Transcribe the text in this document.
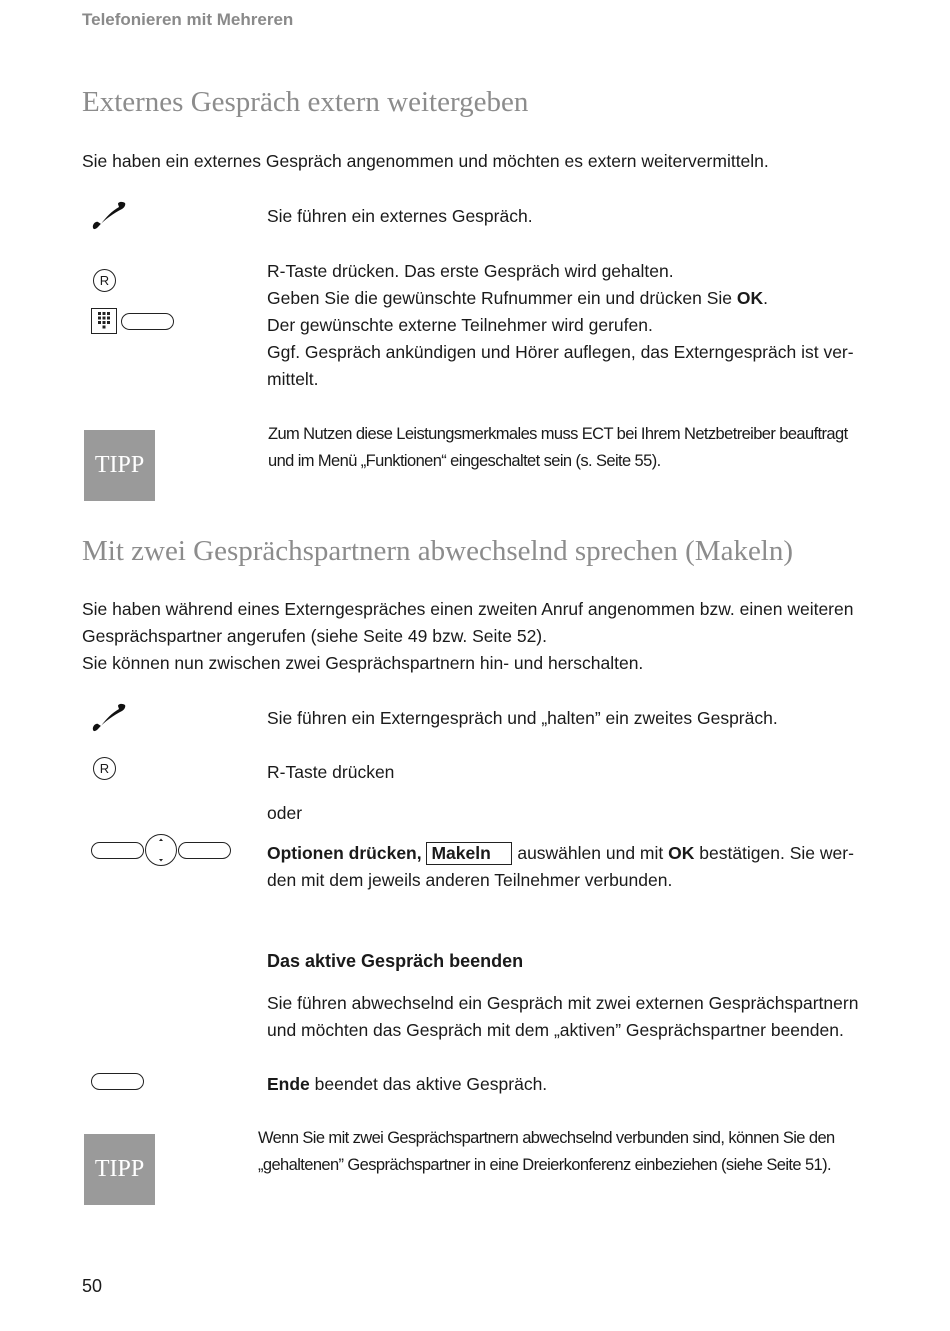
Telefonieren mit Mehreren
Externes Gespräch extern weitergeben
Sie haben ein externes Gespräch angenommen und möchten es extern weitervermitteln.
Sie führen ein externes Gespräch.
R	R-Taste drücken. Das erste Gespräch wird gehalten.
Geben Sie die gewünschte Rufnummer ein und drücken Sie OK.
Der gewünschte externe Teilnehmer wird gerufen.
Ggf. Gespräch ankündigen und Hörer auflegen, das Externgespräch ist ver-
mittelt.
TIPP
Zum Nutzen diese Leistungsmerkmales muss ECT bei Ihrem Netzbetreiber beauftragt
und im Menü „Funktionen“ eingeschaltet sein (s. Seite 55).
Mit zwei Gesprächspartnern abwechselnd sprechen (Makeln)
Sie haben während eines Externgespräches einen zweiten Anruf angenommen bzw. einen weiteren
Gesprächspartner angerufen (siehe Seite 49 bzw. Seite 52).
Sie können nun zwischen zwei Gesprächspartnern hin- und herschalten.
Sie führen ein Externgespräch und „halten” ein zweites Gespräch.
R	R-Taste drücken
oder
Optionen drücken, Makeln auswählen und mit OK bestätigen. Sie wer-
den mit dem jeweils anderen Teilnehmer verbunden.
Das aktive Gespräch beenden
Sie führen abwechselnd ein Gespräch mit zwei externen Gesprächspartnern
und möchten das Gespräch mit dem „aktiven” Gesprächspartner beenden.
Ende beendet das aktive Gespräch.
TIPP
Wenn Sie mit zwei Gesprächspartnern abwechselnd verbunden sind, können Sie den
„gehaltenen” Gesprächspartner in eine Dreierkonferenz einbeziehen (siehe Seite 51).
50
